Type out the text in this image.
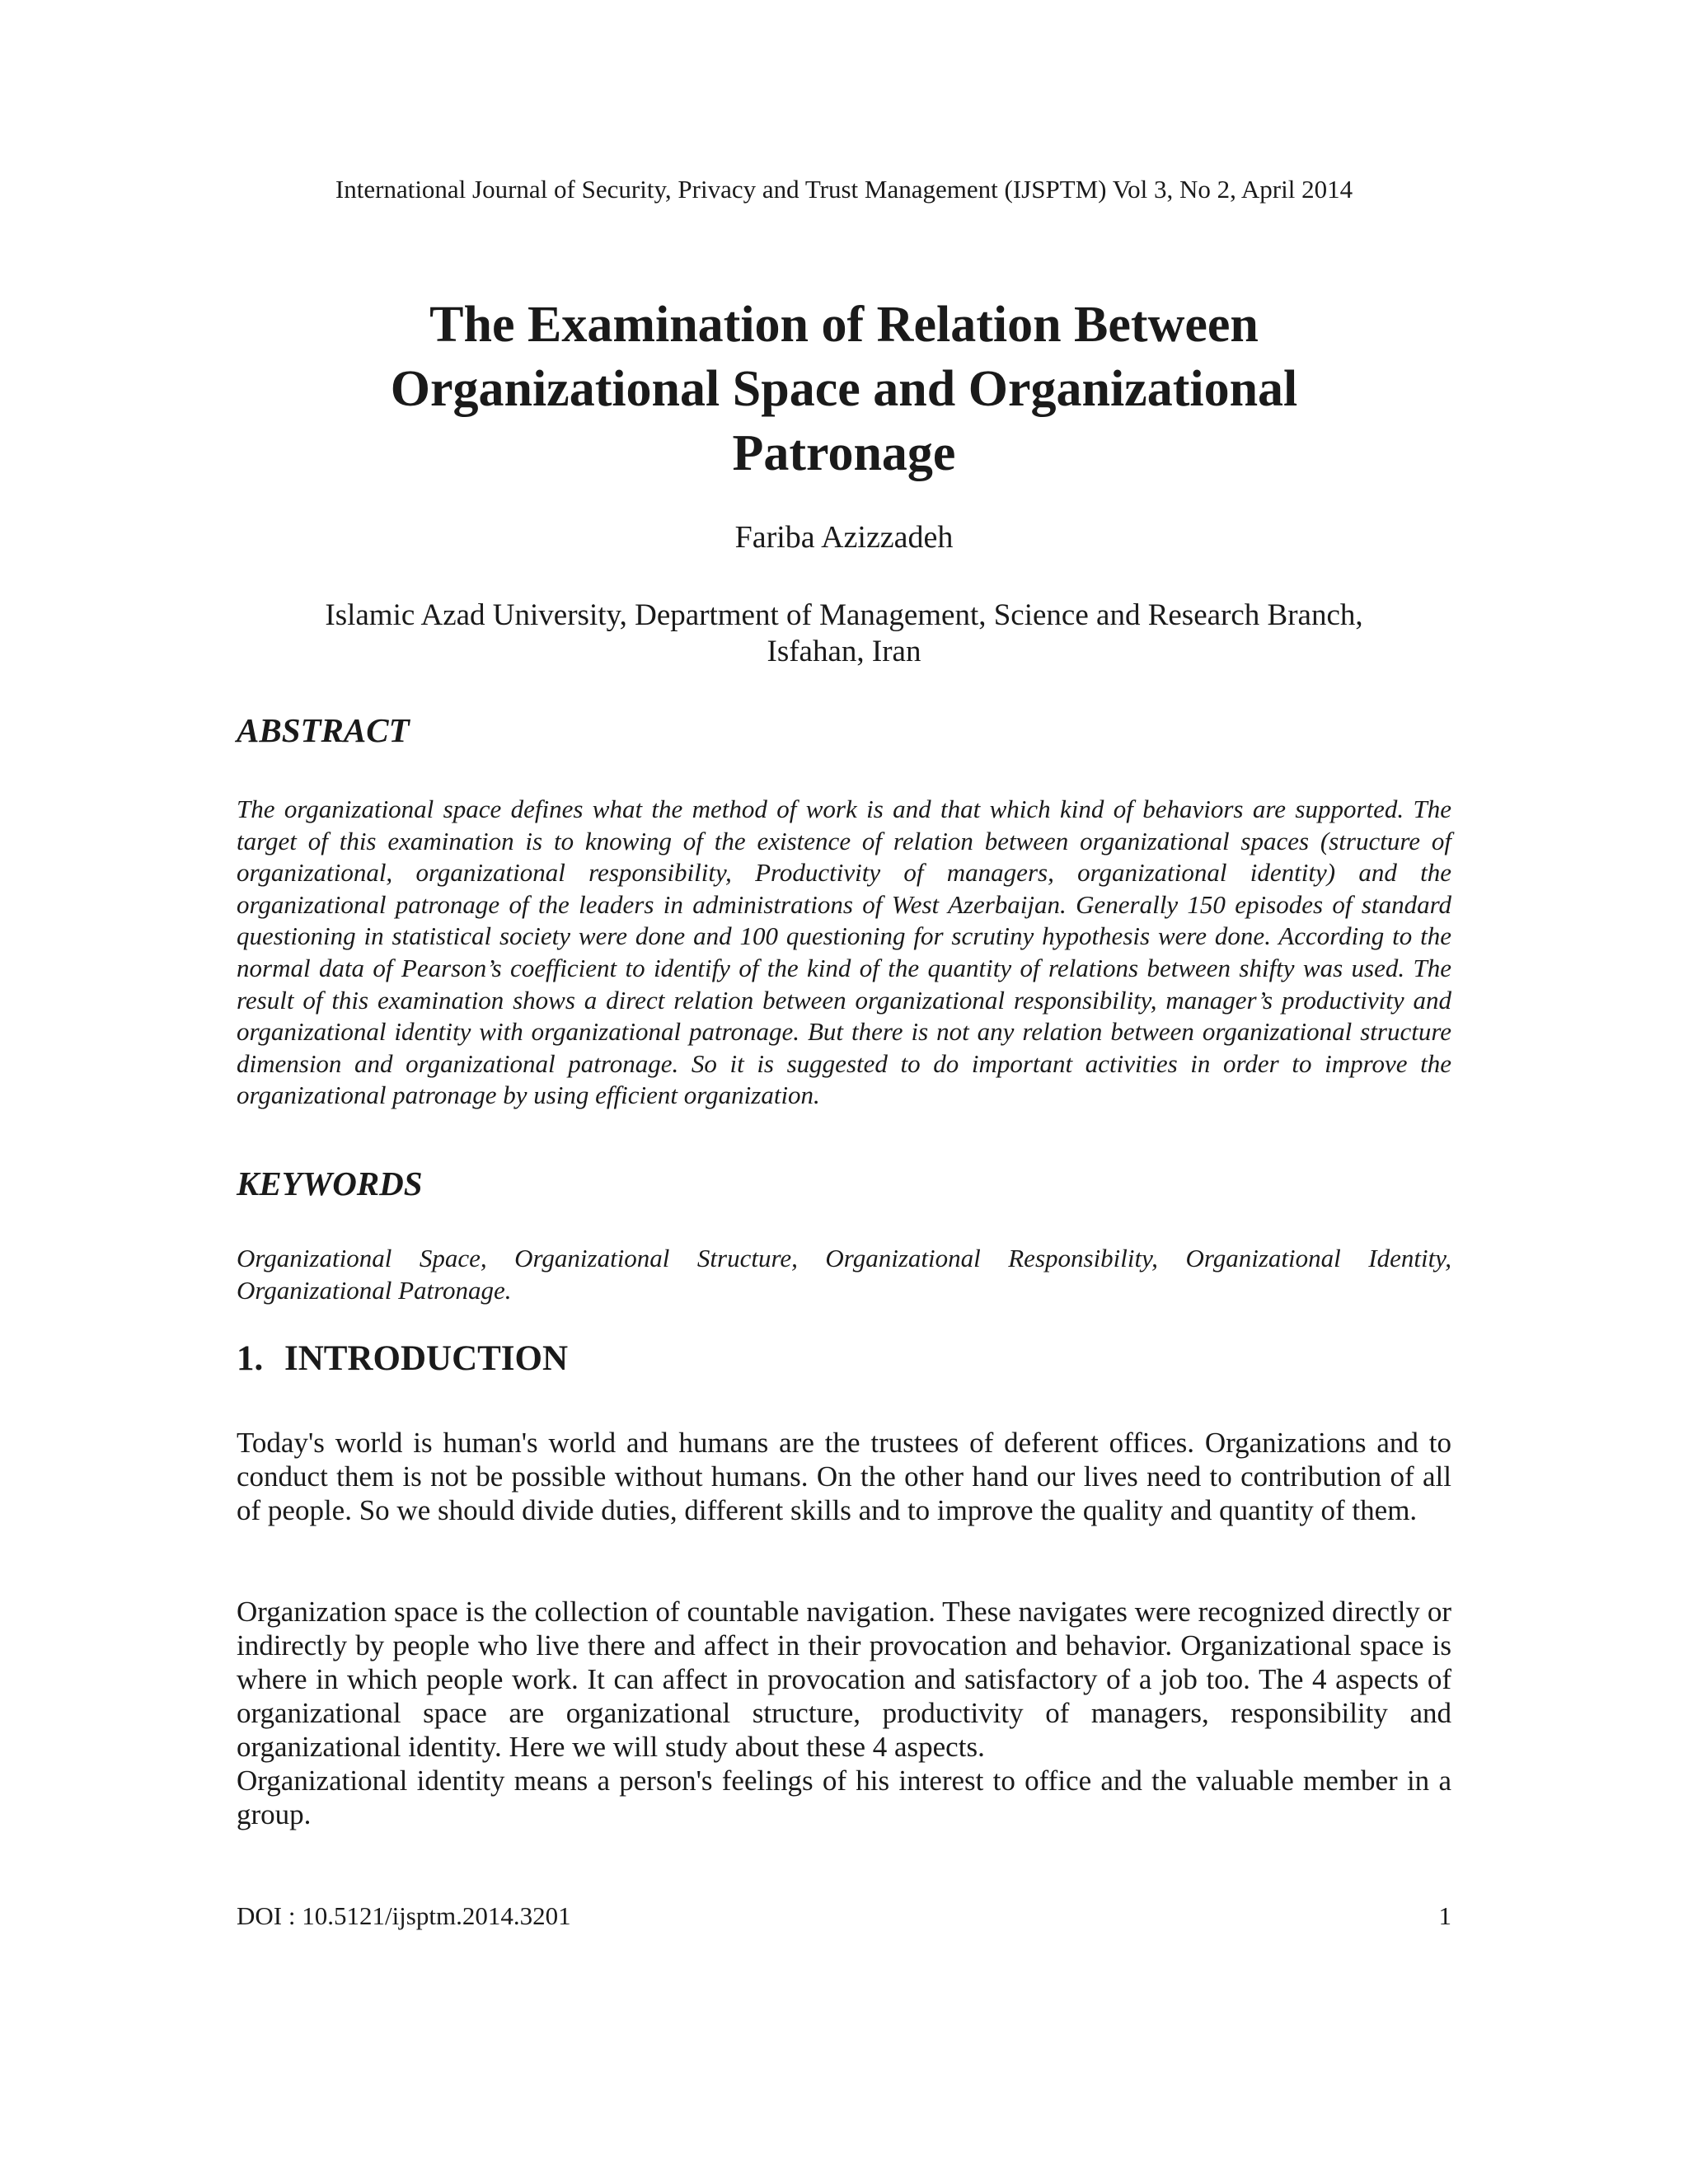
International Journal of Security, Privacy and Trust Management (IJSPTM) Vol 3, No 2, April 2014
The Examination of Relation Between
Organizational Space and Organizational
Patronage
Fariba Azizzadeh
Islamic Azad University, Department of Management, Science and Research Branch,
Isfahan, Iran
ABSTRACT
The organizational space defines what the method of work is and that which kind of behaviors are supported. The target of this examination is to knowing of the existence of relation between organizational spaces (structure of organizational, organizational responsibility, Productivity of managers, organizational identity) and the organizational patronage of the leaders in administrations of West Azerbaijan. Generally 150 episodes of standard questioning in statistical society were done and 100 questioning for scrutiny hypothesis were done. According to the normal data of Pearson’s coefficient to identify of the kind of the quantity of relations between shifty was used. The result of this examination shows a direct relation between organizational responsibility, manager’s productivity and organizational identity with organizational patronage. But there is not any relation between organizational structure dimension and organizational patronage. So it is suggested to do important activities in order to improve the organizational patronage by using efficient organization.
KEYWORDS
Organizational Space, Organizational Structure, Organizational Responsibility, Organizational Identity, Organizational Patronage.
1. INTRODUCTION
Today's world is human's world and humans are the trustees of deferent offices. Organizations and to conduct them is not be possible without humans. On the other hand our lives need to contribution of all of people. So we should divide duties, different skills and to improve the quality and quantity of them.
Organization space is the collection of countable navigation. These navigates were recognized directly or indirectly by people who live there and affect in their provocation and behavior. Organizational space is where in which people work. It can affect in provocation and satisfactory of a job too. The 4 aspects of organizational space are organizational structure, productivity of managers, responsibility and organizational identity. Here we will study about these 4 aspects.
Organizational identity means a person's feelings of his interest to office and the valuable member in a group.
DOI : 10.5121/ijsptm.2014.3201	1
